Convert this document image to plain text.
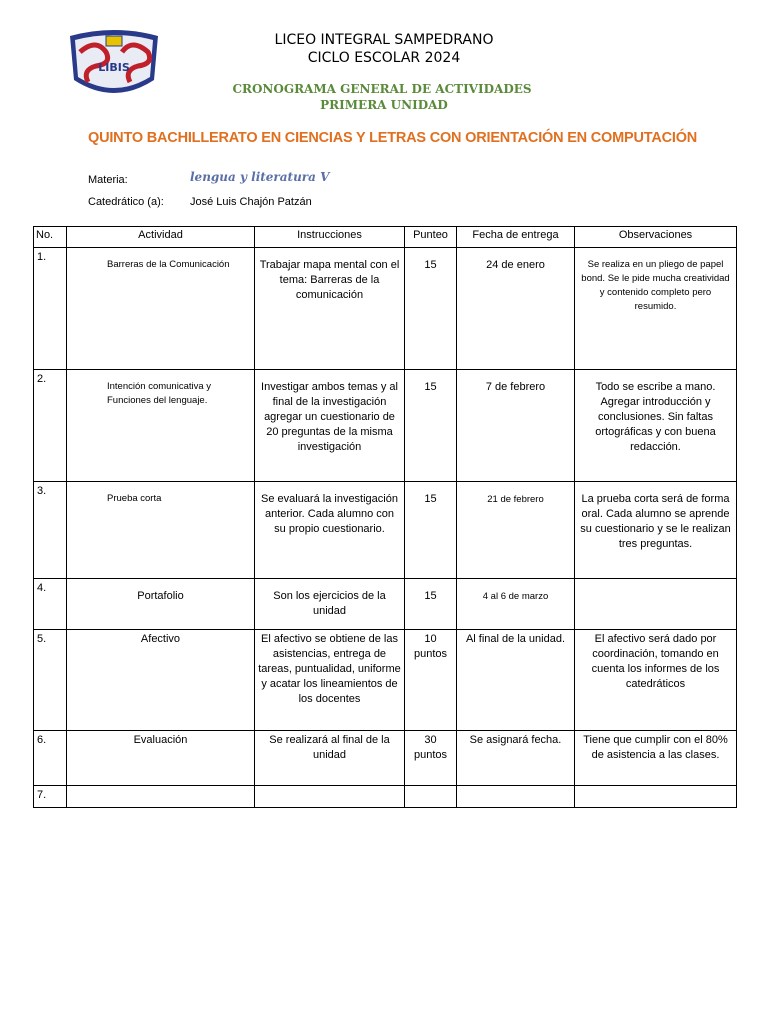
LIBIS
LICEO INTEGRAL SAMPEDRANO
CICLO ESCOLAR 2024
CRONOGRAMA GENERAL DE ACTIVIDADES
PRIMERA UNIDAD
QUINTO BACHILLERATO EN CIENCIAS Y LETRAS CON ORIENTACIÓN EN COMPUTACIÓN
Materia:	lengua y literatura V
Catedrático (a): José Luis Chajón Patzán
No.	Actividad	Instrucciones	Punteo	Fecha de entrega	Observaciones
1.	Barreras de la Comunicación	Trabajar mapa mental con el tema: Barreras de la comunicación	15	24 de enero	Se realiza en un pliego de papel bond. Se le pide mucha creatividad y contenido completo pero resumido.
2.	Intención comunicativa y Funciones del lenguaje.	Investigar ambos temas y al final de la investigación agregar un cuestionario de 20 preguntas de la misma investigación	15	7 de febrero	Todo se escribe a mano. Agregar introducción y conclusiones. Sin faltas ortográficas y con buena redacción.
3.	Prueba corta	Se evaluará la investigación anterior. Cada alumno con su propio cuestionario.	15	21 de febrero	La prueba corta será de forma oral. Cada alumno se aprende su cuestionario y se le realizan tres preguntas.
4.	Portafolio	Son los ejercicios de la unidad	15	4 al 6 de marzo	
5.	Afectivo	El afectivo se obtiene de las asistencias, entrega de tareas, puntualidad, uniforme y acatar los lineamientos de los docentes	10 puntos	Al final de la unidad.	El afectivo será dado por coordinación, tomando en cuenta los informes de los catedráticos
6.	Evaluación	Se realizará al final de la unidad	30 puntos	Se asignará fecha.	Tiene que cumplir con el 80% de asistencia a las clases.
7.					
